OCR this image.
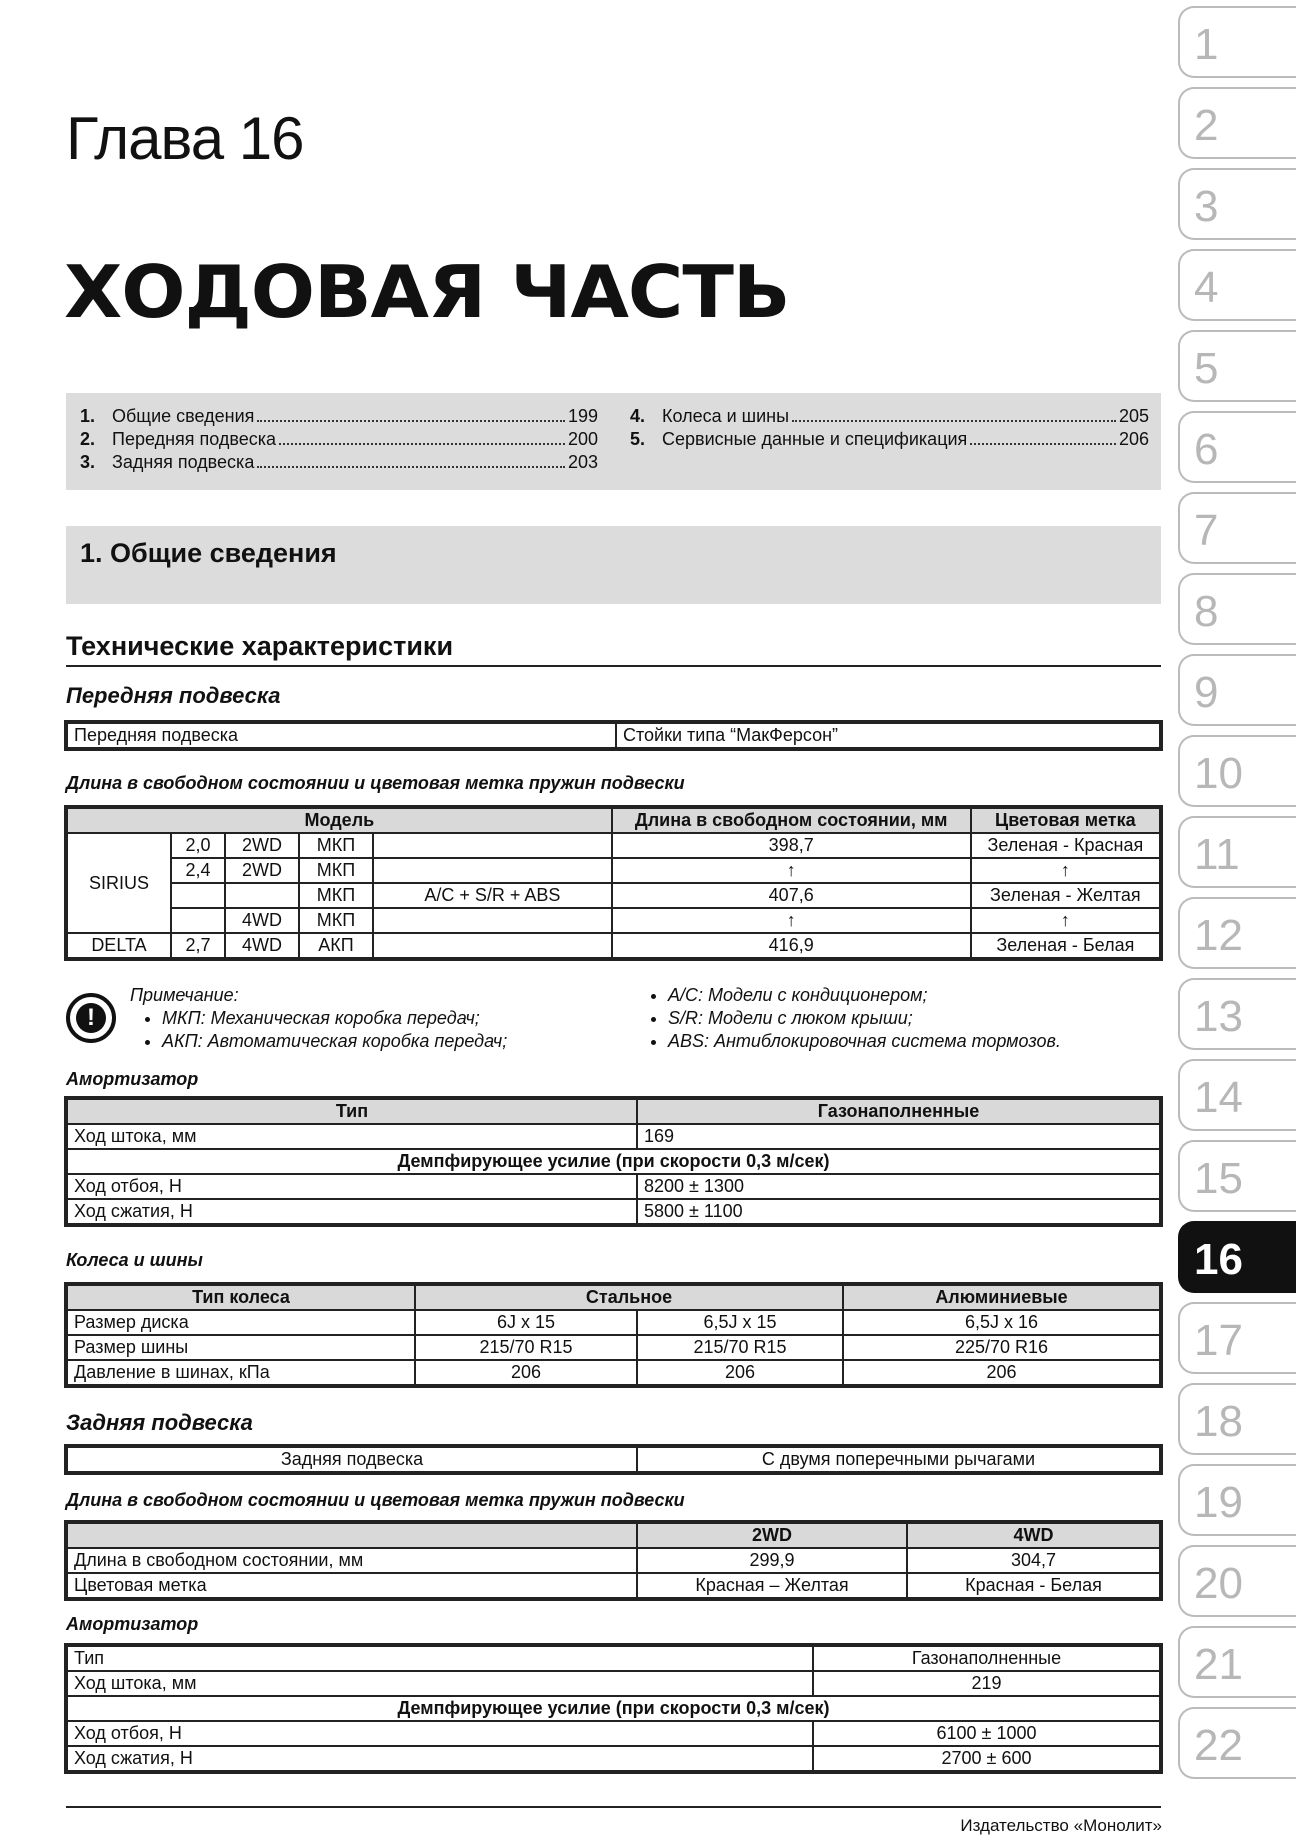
Глава 16
ХОДОВАЯ ЧАСТЬ
1. Общие сведения	199
2. Передняя подвеска	200
3. Задняя подвеска	203
4. Колеса и шины	205
5. Сервисные данные и спецификация	206
1. Общие сведения
Технические характеристики
Передняя подвеска
Передняя подвеска	Стойки типа “МакФерсон”
Длина в свободном состоянии и цветовая метка пружин подвески
Модель					Длина в свободном состоянии, мм	Цветовая метка
SIRIUS	2,0	2WD	МКП		398,7	Зеленая - Красная
	2,4	2WD	МКП		↑	↑
			МКП	A/C + S/R + ABS	407,6	Зеленая - Желтая
		4WD	МКП		↑	↑
DELTA	2,7	4WD	АКП		416,9	Зеленая - Белая
!
Примечание:
• МКП: Механическая коробка передач;
• АКП: Автоматическая коробка передач;
• A/C: Модели с кондиционером;
• S/R: Модели с люком крыши;
• ABS: Антиблокировочная система тормозов.
Амортизатор
Тип	Газонаполненные
Ход штока, мм	169
Демпфирующее усилие (при скорости 0,3 м/сек)	
Ход отбоя, Н	8200 ± 1300
Ход сжатия, Н	5800 ± 1100
Колеса и шины
Тип колеса	Стальное		Алюминиевые
Размер диска	6J x 15	6,5J x 15	6,5J x 16
Размер шины	215/70 R15	215/70 R15	225/70 R16
Давление в шинах, кПа	206	206	206
Задняя подвеска
Задняя подвеска	С двумя поперечными рычагами
Длина в свободном состоянии и цветовая метка пружин подвески
	2WD	4WD
Длина в свободном состоянии, мм	299,9	304,7
Цветовая метка	Красная – Желтая	Красная - Белая
Амортизатор
Тип	Газонаполненные
Ход штока, мм	219
Демпфирующее усилие (при скорости 0,3 м/сек)	
Ход отбоя, Н	6100 ± 1000
Ход сжатия, Н	2700 ± 600
1
2
3
4
5
6
7
8
9
10
11
12
13
14
15
16
17
18
19
20
21
22
Издательство «Монолит»
